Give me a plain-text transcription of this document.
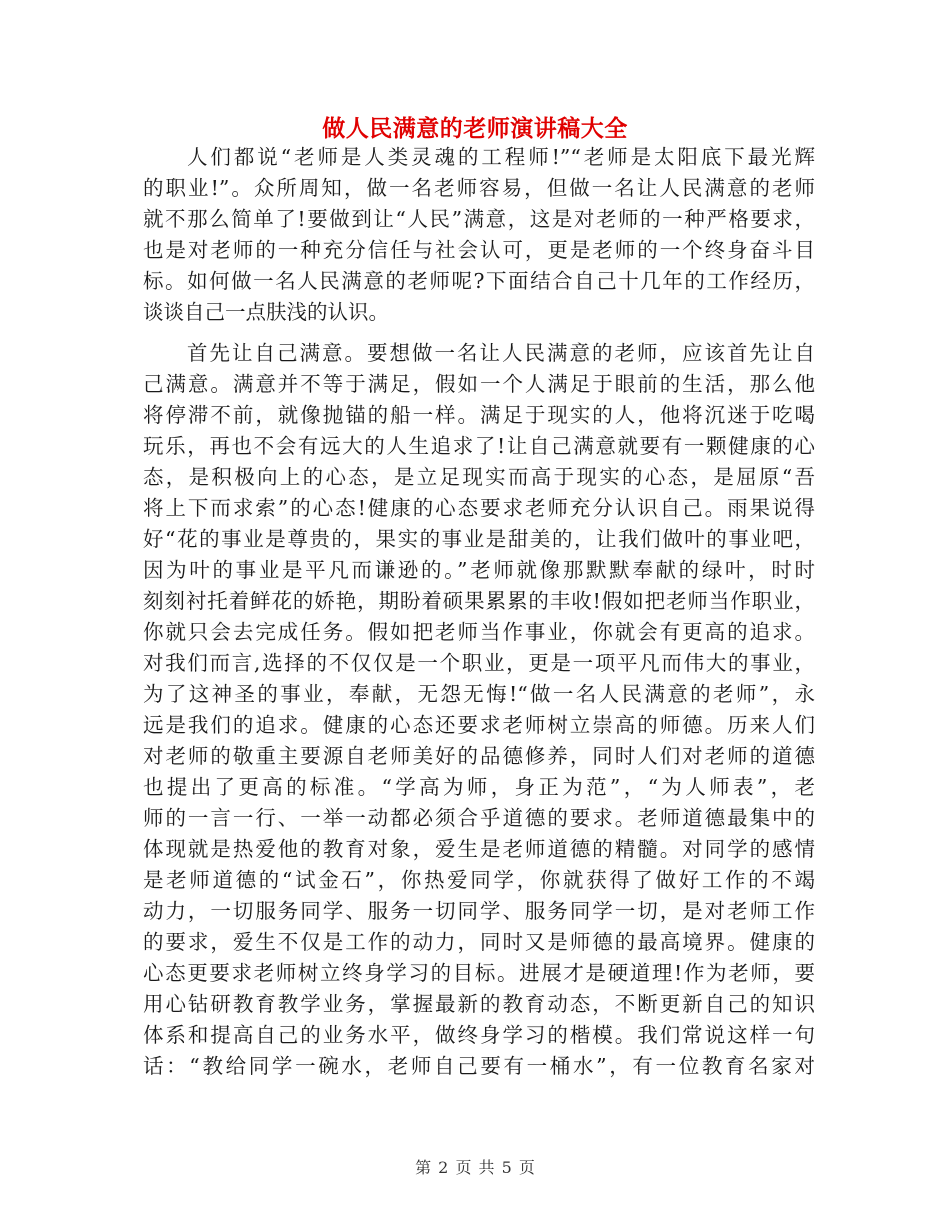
做人民满意的老师演讲稿大全
人们都说“老师是人类灵魂的工程师!”“老师是太阳底下最光辉
的职业!”。众所周知，做一名老师容易，但做一名让人民满意的老师
就不那么简单了!要做到让“人民”满意，这是对老师的一种严格要求，
也是对老师的一种充分信任与社会认可，更是老师的一个终身奋斗目
标。如何做一名人民满意的老师呢?下面结合自己十几年的工作经历，
谈谈自己一点肤浅的认识。
首先让自己满意。要想做一名让人民满意的老师，应该首先让自
己满意。满意并不等于满足，假如一个人满足于眼前的生活，那么他
将停滞不前，就像抛锚的船一样。满足于现实的人，他将沉迷于吃喝
玩乐，再也不会有远大的人生追求了!让自己满意就要有一颗健康的心
态，是积极向上的心态，是立足现实而高于现实的心态，是屈原“吾
将上下而求索”的心态!健康的心态要求老师充分认识自己。雨果说得
好“花的事业是尊贵的，果实的事业是甜美的，让我们做叶的事业吧，
因为叶的事业是平凡而谦逊的。”老师就像那默默奉献的绿叶，时时
刻刻衬托着鲜花的娇艳，期盼着硕果累累的丰收!假如把老师当作职业，
你就只会去完成任务。假如把老师当作事业，你就会有更高的追求。
对我们而言,选择的不仅仅是一个职业，更是一项平凡而伟大的事业，
为了这神圣的事业，奉献，无怨无悔!“做一名人民满意的老师”，永
远是我们的追求。健康的心态还要求老师树立崇高的师德。历来人们
对老师的敬重主要源自老师美好的品德修养，同时人们对老师的道德
也提出了更高的标准。“学高为师，身正为范”，“为人师表”，老
师的一言一行、一举一动都必须合乎道德的要求。老师道德最集中的
体现就是热爱他的教育对象，爱生是老师道德的精髓。对同学的感情
是老师道德的“试金石”，你热爱同学，你就获得了做好工作的不竭
动力，一切服务同学、服务一切同学、服务同学一切，是对老师工作
的要求，爱生不仅是工作的动力，同时又是师德的最高境界。健康的
心态更要求老师树立终身学习的目标。进展才是硬道理!作为老师，要
用心钻研教育教学业务，掌握最新的教育动态，不断更新自己的知识
体系和提高自己的业务水平，做终身学习的楷模。我们常说这样一句
话：“教给同学一碗水，老师自己要有一桶水”，有一位教育名家对
第 2 页 共 5 页
